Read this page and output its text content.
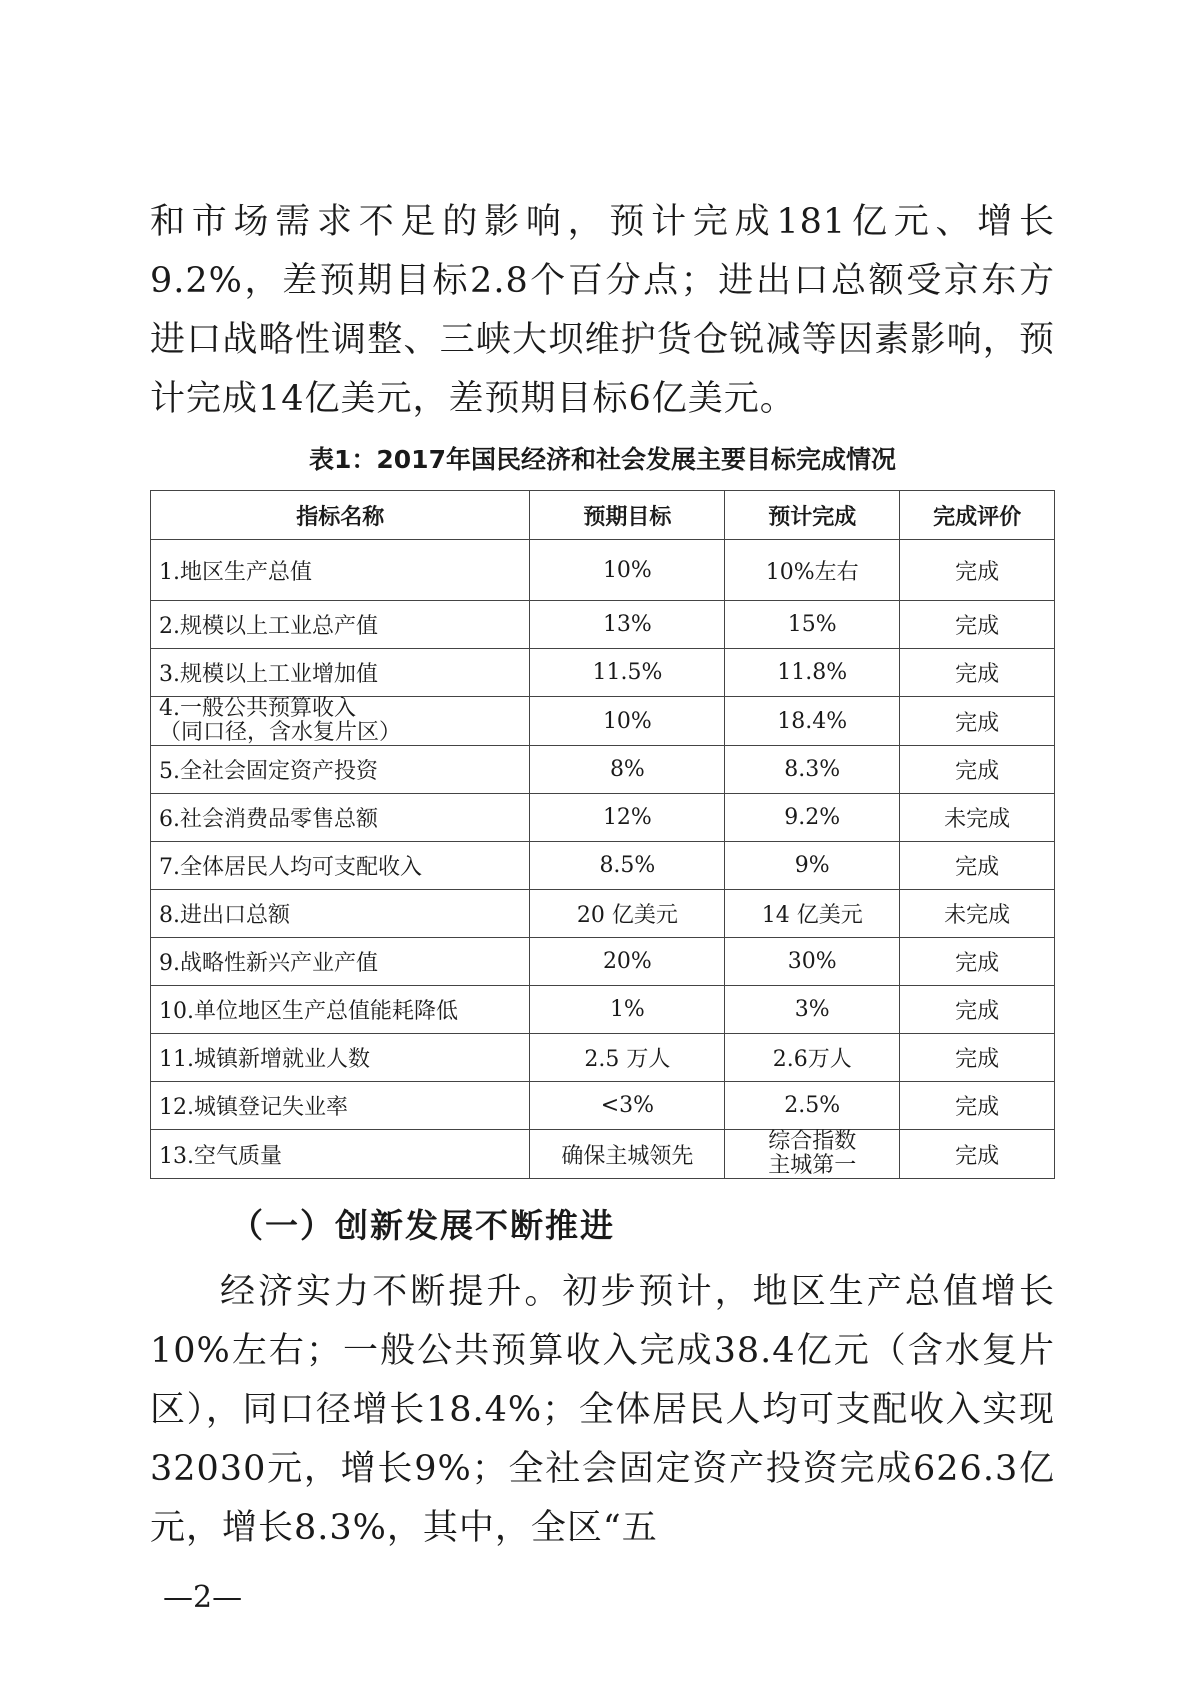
和市场需求不足的影响，预计完成181亿元、增长9.2%，差预期目标2.8个百分点；进出口总额受京东方进口战略性调整、三峡大坝维护货仓锐减等因素影响，预计完成14亿美元，差预期目标6亿美元。
表1：2017年国民经济和社会发展主要目标完成情况
指标名称	预期目标	预计完成	完成评价
1.地区生产总值	10%	10%左右	完成
2.规模以上工业总产值	13%	15%	完成
3.规模以上工业增加值	11.5%	11.8%	完成

4.一般公共预算收入
（同口径，含水复片区）	10%	18.4%	完成
5.全社会固定资产投资	8%	8.3%	完成
6.社会消费品零售总额	12%	9.2%	未完成
7.全体居民人均可支配收入	8.5%	9%	完成
8.进出口总额	20 亿美元	14 亿美元	未完成
9.战略性新兴产业产值	20%	30%	完成
10.单位地区生产总值能耗降低	1%	3%	完成
11.城镇新增就业人数	2.5 万人	2.6万人	完成
12.城镇登记失业率	<3%	2.5%	完成
13.空气质量	确保主城领先	综合指数
主城第一	完成
（一）创新发展不断推进
经济实力不断提升。初步预计，地区生产总值增长10%左右；一般公共预算收入完成38.4亿元（含水复片区），同口径增长18.4%；全体居民人均可支配收入实现32030元，增长9%；全社会固定资产投资完成626.3亿元，增长8.3%，其中，全区“五
—2—
